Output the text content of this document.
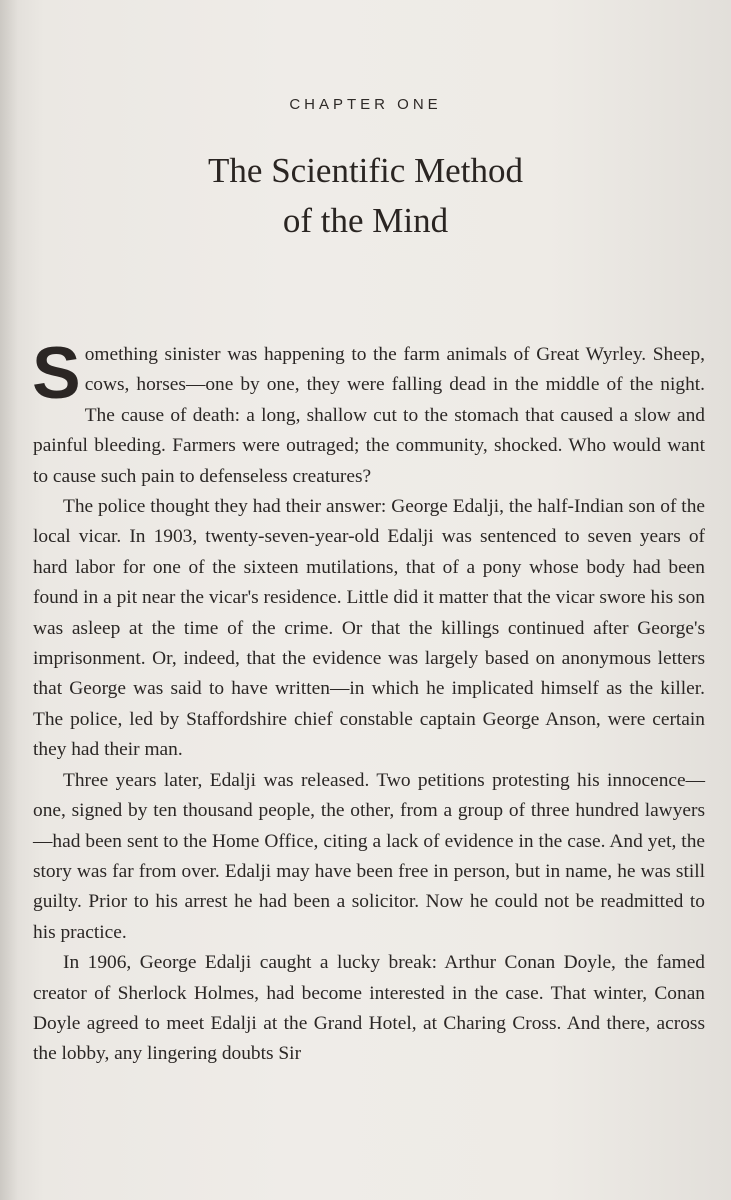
CHAPTER ONE
The Scientific Method
of the Mind

Something sinister was happening to the farm animals of Great Wyrley. Sheep, cows, horses—one by one, they were falling dead in the middle of the night. The cause of death: a long, shallow cut to the stomach that caused a slow and painful bleeding. Farmers were outraged; the community, shocked. Who would want to cause such pain to defenseless creatures?

The police thought they had their answer: George Edalji, the half-Indian son of the local vicar. In 1903, twenty-seven-year-old Edalji was sentenced to seven years of hard labor for one of the sixteen mutilations, that of a pony whose body had been found in a pit near the vicar's residence. Little did it matter that the vicar swore his son was asleep at the time of the crime. Or that the killings continued after George's imprisonment. Or, indeed, that the evidence was largely based on anonymous letters that George was said to have written—in which he implicated himself as the killer. The police, led by Staffordshire chief constable captain George Anson, were certain they had their man.

Three years later, Edalji was released. Two petitions protesting his innocence—one, signed by ten thousand people, the other, from a group of three hundred lawyers—had been sent to the Home Office, citing a lack of evidence in the case. And yet, the story was far from over. Edalji may have been free in person, but in name, he was still guilty. Prior to his arrest he had been a solicitor. Now he could not be readmitted to his practice.

In 1906, George Edalji caught a lucky break: Arthur Conan Doyle, the famed creator of Sherlock Holmes, had become interested in the case. That winter, Conan Doyle agreed to meet Edalji at the Grand Hotel, at Charing Cross. And there, across the lobby, any lingering doubts Sir
